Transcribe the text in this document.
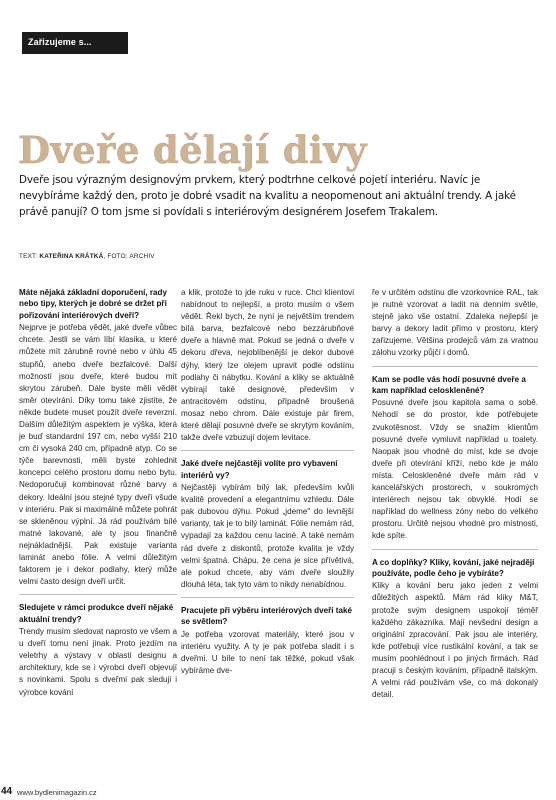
Zařizujeme s...
Dveře dělají divy

Dveře jsou výrazným designovým prvkem, který podtrhne celkové pojetí interiéru. Navíc je nevybíráme každý den, proto je dobré vsadit na kvalitu a neopomenout ani aktuální trendy. A jaké právě panují? O tom jsme si povídali s interiérovým designérem Josefem Trakalem.

TEXT: KATEŘINA KRÁTKÁ, FOTO: ARCHIV
Máte nějaká základní doporučení, rady nebo tipy, kterých je dobré se držet při pořizování interiérových dveří?
Nejprve je potřeba vědět, jaké dveře vůbec chcete. Jestli se vám líbí klasika, u které můžete mít zárubně rovné nebo v úhlu 45 stupňů, anebo dveře bezfalcové. Další možností jsou dveře, které budou mít skrytou zárubeň. Dále byste měli vědět směr otevírání. Díky tomu také zjistíte, že někde budete muset použít dveře reverzní. Dalším důležitým aspektem je výška, která je buď standardní 197 cm, nebo vyšší 210 cm či vysoká 240 cm, případně atyp. Co se týče barevnosti, měli byste zohlednit koncepci celého prostoru domu nebo bytu. Nedoporučuji kombinovat různé barvy a dekory. Ideální jsou stejné typy dveří všude v interiéru. Pak si maximálně můžete pohrát se skleněnou výplní. Já rád používám bílé matné lakované, ale ty jsou finančně nejnákladnější. Pak existuje varianta laminát anebo fólie. A velmi důležitým faktorem je i dekor podlahy, který může velmi často design dveří určit.
Sledujete v rámci produkce dveří nějaké aktuální trendy?
Trendy musím sledovat naprosto ve všem a u dveří tomu není jinak. Proto jezdím na veletrhy a výstavy v oblasti designu a architektury, kde se i výrobci dveří objevují s novinkami. Spolu s dveřmi pak sleduji i výrobce kování
a klik, protože to jde ruku v ruce. Chci klientovi nabídnout to nejlepší, a proto musím o všem vědět. Řekl bych, že nyní je největším trendem bílá barva, bezfalcové nebo bezzárubňové dveře a hlavně mat. Pokud se jedná o dveře v dekoru dřeva, nejoblíbenější je dekor dubové dýhy, který lze olejem upravit podle odstínu podlahy či nábytku. Kování a kliky se aktuálně vybírají také designové, především v antracitovém odstínu, případně broušená mosaz nebo chrom. Dále existuje pár firem, které dělají posuvné dveře se skrytým kováním, takže dveře vzbuzují dojem levitace.
Jaké dveře nejčastěji volíte pro vybavení interiérů vy?
Nejčastěji vybírám bílý lak, především kvůli kvalitě provedení a elegantnímu vzhledu. Dále pak dubovou dýhu. Pokud „jdeme" do levnější varianty, tak je to bílý laminát. Fólie nemám rád, vypadají za každou cenu laciné. A také nemám rád dveře z diskontů, protože kvalita je vždy velmi špatná. Chápu, že cena je sice přívětivá, ale pokud chcete, aby vám dveře sloužily dlouhá léta, tak tyto vám to nikdy nenabídnou.
Pracujete při výběru interiérových dveří také se světlem?
Je potřeba vzorovat materiály, které jsou v interiéru využity. A ty je pak potřeba sladit i s dveřmi. U bíle to není tak těžké, pokud však vybíráme dve-
ře v určitém odstínu dle vzorkovnice RAL, tak je nutné vzorovat a ladit na denním světle, stejně jako vše ostatní. Zdaleka nejlepší je barvy a dekory ladit přímo v prostoru, který zařizujeme. Většina prodejců vám za vratnou zálohu vzorky půjčí i domů.
Kam se podle vás hodí posuvné dveře a kam například celoskleněné?
Posuvné dveře jsou kapitola sama o sobě. Nehodí se do prostor, kde potřebujete zvukotěsnost. Vždy se snažím klientům posuvné dveře vymluvit například u toalety. Naopak jsou vhodné do míst, kde se dvoje dveře při otevírání kříží, nebo kde je málo místa. Celoskleněné dveře mám rád v kancelářských prostorech, v soukromých interiérech nejsou tak obvyklé. Hodí se například do wellness zóny nebo do velkého prostoru. Určitě nejsou vhodné pro místnosti, kde spíte.
A co doplňky? Kliky, kování, jaké nejraději používáte, podle čeho je vybíráte?
Kliky a kování beru jako jeden z velmi důležitých aspektů. Mám rád kliky M&T, protože svým designem uspokojí téměř každého zákazníka. Mají nevšední design a originální zpracování. Pak jsou ale interiéry, kde potřebuji více rustikální kování, a tak se musím poohlédnout i po jiných firmách. Rád pracuji s českým kováním, případně italským. A velmi rád používám vše, co má dokonalý detail.
44 www.bydlenimagazin.cz
